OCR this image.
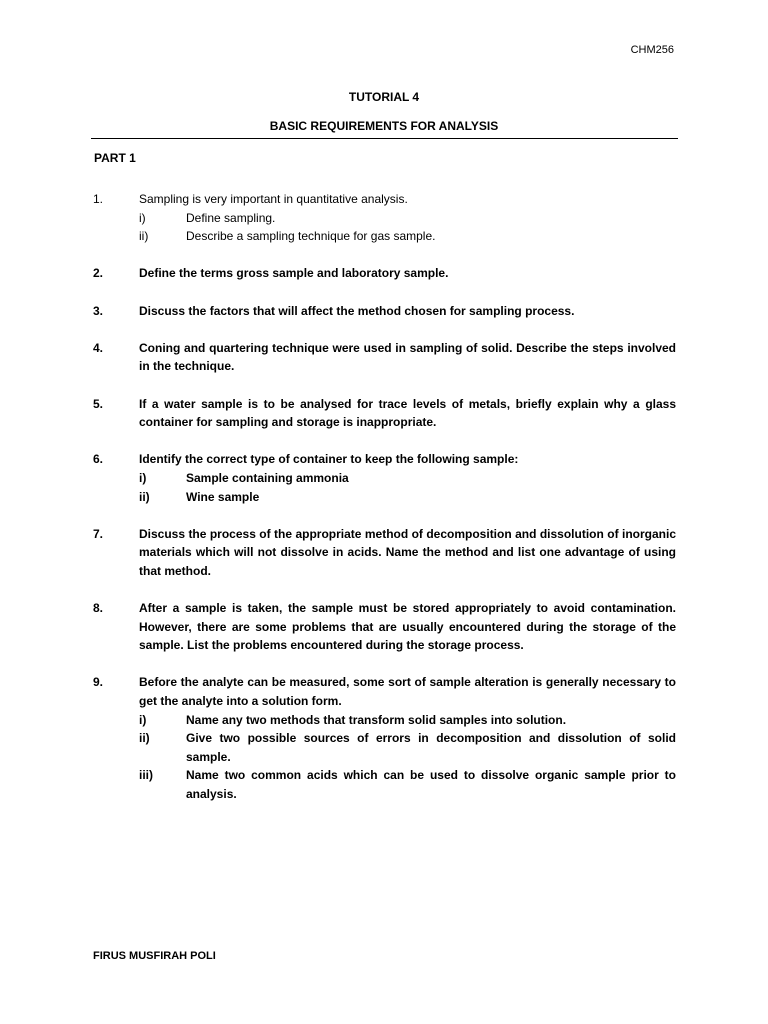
CHM256
TUTORIAL 4
BASIC REQUIREMENTS FOR ANALYSIS
PART 1
1.	Sampling is very important in quantitative analysis.
i)	Define sampling.
ii)	Describe a sampling technique for gas sample.
2.	Define the terms gross sample and laboratory sample.
3.	Discuss the factors that will affect the method chosen for sampling process.
4.	Coning and quartering technique were used in sampling of solid. Describe the steps involved in the technique.
5.	If a water sample is to be analysed for trace levels of metals, briefly explain why a glass container for sampling and storage is inappropriate.
6.	Identify the correct type of container to keep the following sample:
i)	Sample containing ammonia
ii)	Wine sample
7.	Discuss the process of the appropriate method of decomposition and dissolution of inorganic materials which will not dissolve in acids. Name the method and list one advantage of using that method.
8.	After a sample is taken, the sample must be stored appropriately to avoid contamination. However, there are some problems that are usually encountered during the storage of the sample. List the problems encountered during the storage process.
9.	Before the analyte can be measured, some sort of sample alteration is generally necessary to get the analyte into a solution form.
i)	Name any two methods that transform solid samples into solution.
ii)	Give two possible sources of errors in decomposition and dissolution of solid sample.
iii)	Name two common acids which can be used to dissolve organic sample prior to analysis.
FIRUS MUSFIRAH POLI
